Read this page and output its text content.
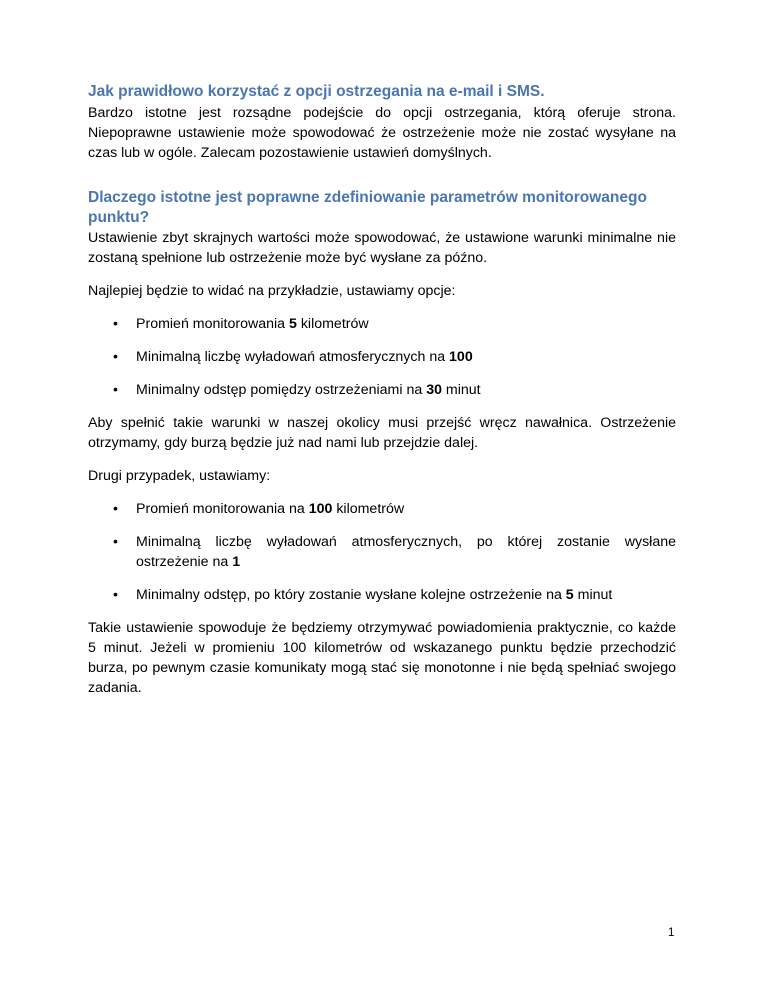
Jak prawidłowo korzystać z opcji ostrzegania na e-mail i SMS.

Bardzo istotne jest rozsądne podejście do opcji ostrzegania, którą oferuje strona. Niepoprawne ustawienie może spowodować że ostrzeżenie może nie zostać wysyłane na czas lub w ogóle. Zalecam pozostawienie ustawień domyślnych.

Dlaczego istotne jest poprawne zdefiniowanie parametrów monitorowanego punktu?

Ustawienie zbyt skrajnych wartości może spowodować, że ustawione warunki minimalne nie zostaną spełnione lub ostrzeżenie może być wysłane za późno.

Najlepiej będzie to widać na przykładzie, ustawiamy opcje:

• Promień monitorowania 5 kilometrów
• Minimalną liczbę wyładowań atmosferycznych na 100
• Minimalny odstęp pomiędzy ostrzeżeniami na 30 minut

Aby spełnić takie warunki w naszej okolicy musi przejść wręcz nawałnica. Ostrzeżenie otrzymamy, gdy burzą będzie już nad nami lub przejdzie dalej.

Drugi przypadek, ustawiamy:

• Promień monitorowania na 100 kilometrów
• Minimalną liczbę wyładowań atmosferycznych, po której zostanie wysłane ostrzeżenie na 1
• Minimalny odstęp, po który zostanie wysłane kolejne ostrzeżenie na 5 minut

Takie ustawienie spowoduje że będziemy otrzymywać powiadomienia praktycznie, co każde 5 minut. Jeżeli w promieniu 100 kilometrów od wskazanego punktu będzie przechodzić burza, po pewnym czasie komunikaty mogą stać się monotonne i nie będą spełniać swojego zadania.

1
